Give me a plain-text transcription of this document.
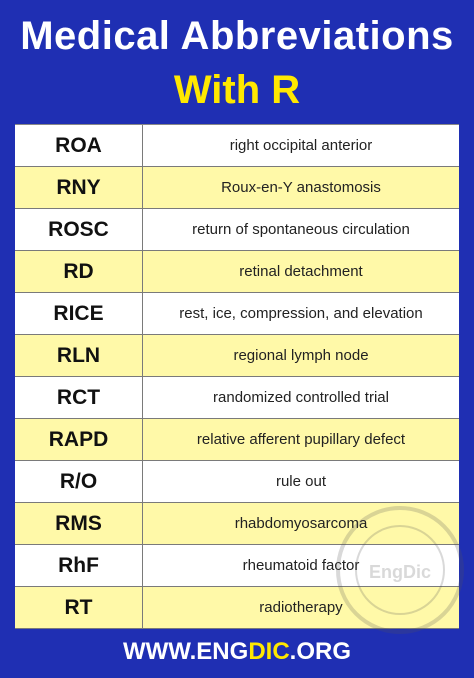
Medical Abbreviations
With R
ROA	right occipital anterior
RNY	Roux-en-Y anastomosis
ROSC	return of spontaneous circulation
RD	retinal detachment
RICE	rest, ice, compression, and elevation
RLN	regional lymph node
RCT	randomized controlled trial
RAPD	relative afferent pupillary defect
R/O	rule out
RMS	rhabdomyosarcoma
RhF	rheumatoid factor
RT	radiotherapy
WWW.ENGDIC.ORG
EngDic
